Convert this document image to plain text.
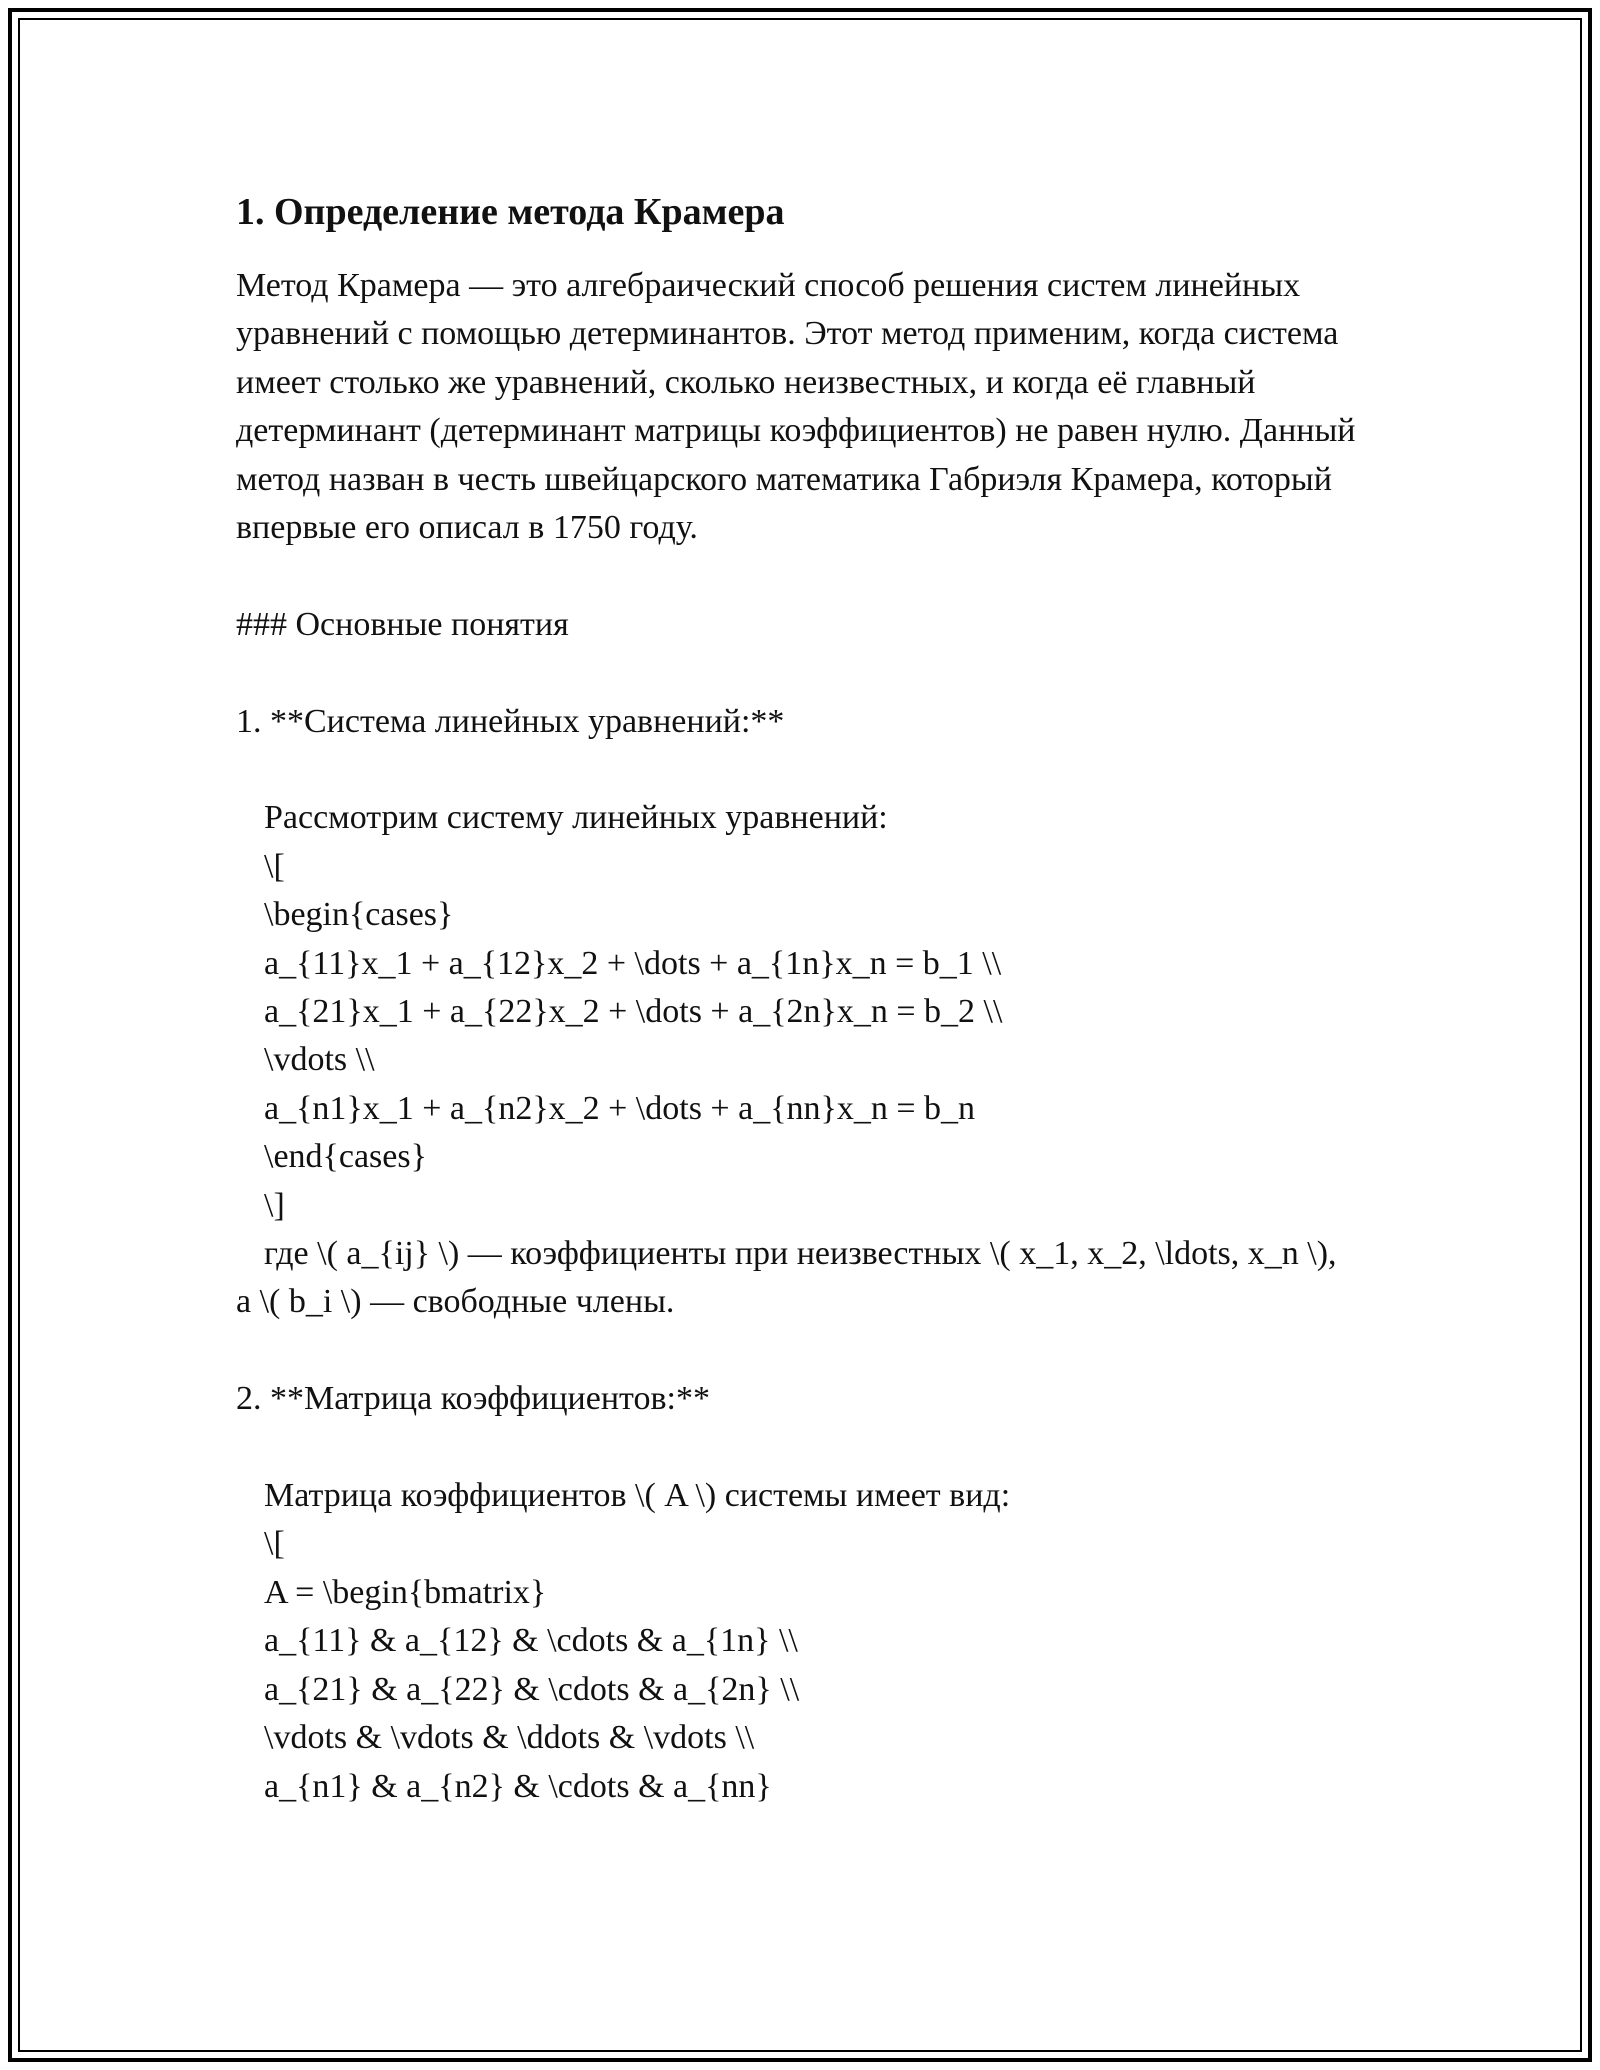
1. Определение метода Крамера

Метод Крамера — это алгебраический способ решения систем линейных уравнений с помощью детерминантов. Этот метод применим, когда система имеет столько же уравнений, сколько неизвестных, и когда её главный детерминант (детерминант матрицы коэффициентов) не равен нулю. Данный метод назван в честь швейцарского математика Габриэля Крамера, который впервые его описал в 1750 году.

### Основные понятия
1. **Система линейных уравнений:**
Рассмотрим систему линейных уравнений:
\[
\begin{cases}
a_{11}x_1 + a_{12}x_2 + \dots + a_{1n}x_n = b_1 \\
a_{21}x_1 + a_{22}x_2 + \dots + a_{2n}x_n = b_2 \\
\vdots \\
a_{n1}x_1 + a_{n2}x_2 + \dots + a_{nn}x_n = b_n
\end{cases}
\]

где \( a_{ij} \) — коэффициенты при неизвестных \( x_1, x_2, \ldots, x_n \), а \( b_i \) — свободные члены.

2. **Матрица коэффициентов:**
Матрица коэффициентов \( A \) системы имеет вид:
\[
A = \begin{bmatrix}
a_{11} & a_{12} & \cdots & a_{1n} \\
a_{21} & a_{22} & \cdots & a_{2n} \\
\vdots & \vdots & \ddots & \vdots \\
a_{n1} & a_{n2} & \cdots & a_{nn}
